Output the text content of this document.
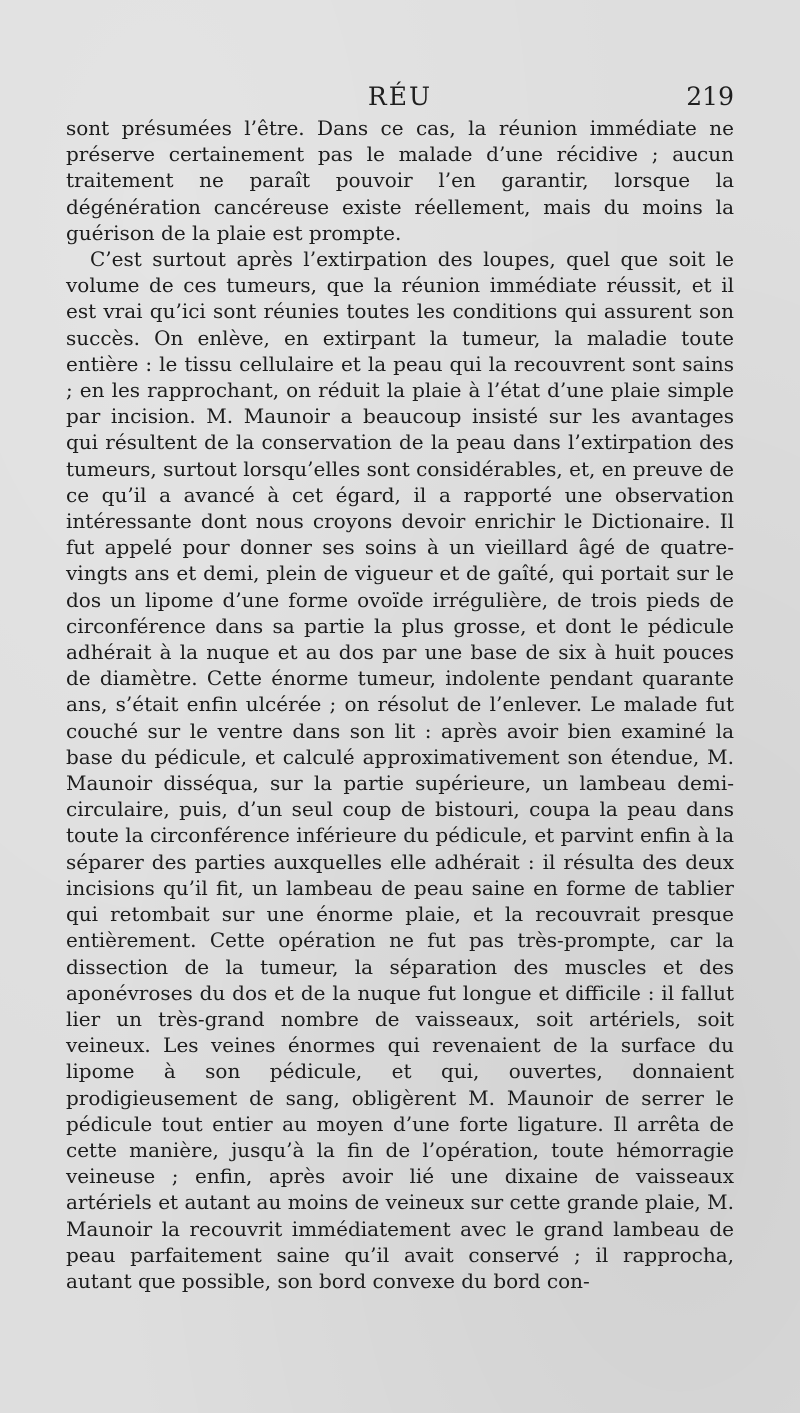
RÉU	219

sont présumées l’être. Dans ce cas, la réunion immédiate ne préserve certainement pas le malade d’une récidive ; aucun traitement ne paraît pouvoir l’en garantir, lorsque la dégénération cancéreuse existe réellement, mais du moins la guérison de la plaie est prompte.

C’est surtout après l’extirpation des loupes, quel que soit le volume de ces tumeurs, que la réunion immédiate réussit, et il est vrai qu’ici sont réunies toutes les conditions qui assurent son succès. On enlève, en extirpant la tumeur, la maladie toute entière : le tissu cellulaire et la peau qui la recouvrent sont sains ; en les rapprochant, on réduit la plaie à l’état d’une plaie simple par incision. M. Maunoir a beaucoup insisté sur les avantages qui résultent de la conservation de la peau dans l’extirpation des tumeurs, surtout lorsqu’elles sont considérables, et, en preuve de ce qu’il a avancé à cet égard, il a rapporté une observation intéressante dont nous croyons devoir enrichir le Dictionaire. Il fut appelé pour donner ses soins à un vieillard âgé de quatre-vingts ans et demi, plein de vigueur et de gaîté, qui portait sur le dos un lipome d’une forme ovoïde irrégulière, de trois pieds de circonférence dans sa partie la plus grosse, et dont le pédicule adhérait à la nuque et au dos par une base de six à huit pouces de diamètre. Cette énorme tumeur, indolente pendant quarante ans, s’était enfin ulcérée ; on résolut de l’enlever. Le malade fut couché sur le ventre dans son lit : après avoir bien examiné la base du pédicule, et calculé approximativement son étendue, M. Maunoir disséqua, sur la partie supérieure, un lambeau demi-circulaire, puis, d’un seul coup de bistouri, coupa la peau dans toute la circonférence inférieure du pédicule, et parvint enfin à la séparer des parties auxquelles elle adhérait : il résulta des deux incisions qu’il fit, un lambeau de peau saine en forme de tablier qui retombait sur une énorme plaie, et la recouvrait presque entièrement. Cette opération ne fut pas très-prompte, car la dissection de la tumeur, la séparation des muscles et des aponévroses du dos et de la nuque fut longue et difficile : il fallut lier un très-grand nombre de vaisseaux, soit artériels, soit veineux. Les veines énormes qui revenaient de la surface du lipome à son pédicule, et qui, ouvertes, donnaient prodigieusement de sang, obligèrent M. Maunoir de serrer le pédicule tout entier au moyen d’une forte ligature. Il arrêta de cette manière, jusqu’à la fin de l’opération, toute hémorragie veineuse ; enfin, après avoir lié une dixaine de vaisseaux artériels et autant au moins de veineux sur cette grande plaie, M. Maunoir la recouvrit immédiatement avec le grand lambeau de peau parfaitement saine qu’il avait conservé ; il rapprocha, autant que possible, son bord convexe du bord con-
